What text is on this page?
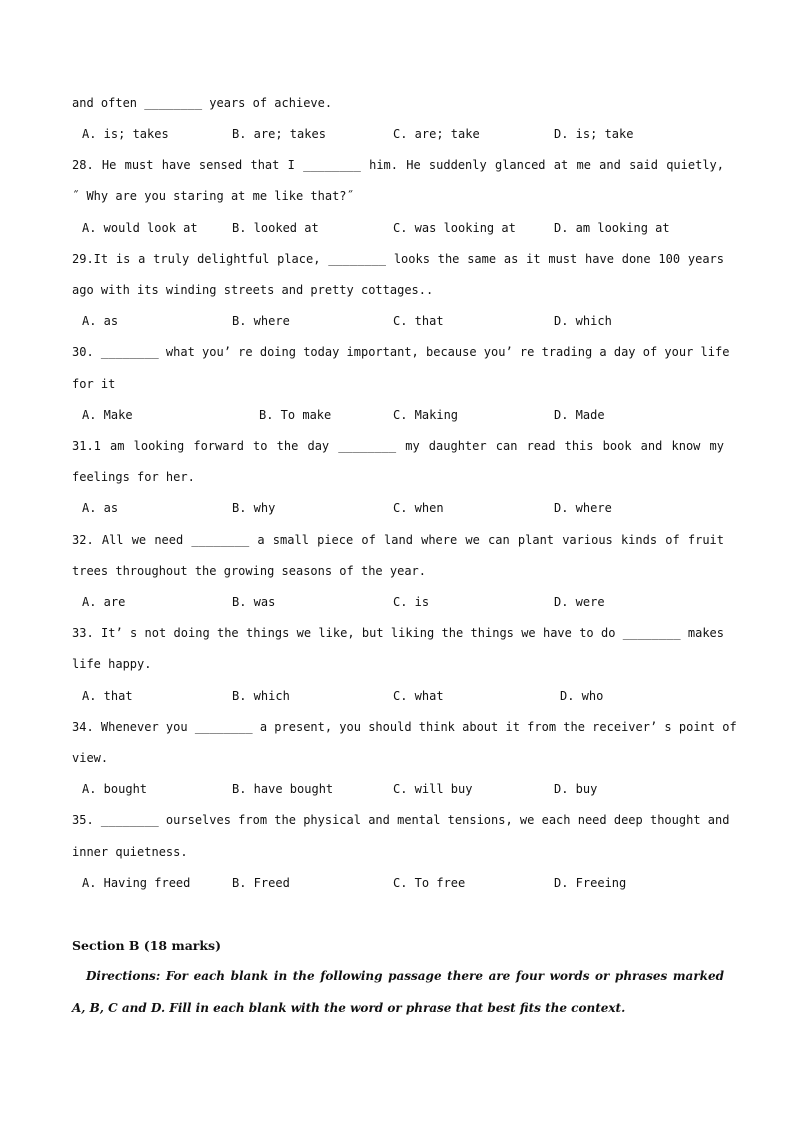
and often ________ years of achieve.
A. is; takes	B. are; takes	C. are; take	D. is; take
28. He must have sensed that I ________ him. He suddenly glanced at me and said quietly,
˝ Why are you staring at me like that?˝
A. would look at	B. looked at	C. was looking at	D. am looking at
29.It is a truly delightful place, ________ looks the same as it must have done 100 years
ago with its winding streets and pretty cottages..
A. as	B. where	C. that	D. which
30. ________ what you’ re doing today important, because you’ re trading a day of your life
for it
A. Make	B. To make	C. Making	D. Made
31.1 am looking forward to the day ________ my daughter can read this book and know my
feelings for her.
A. as	B. why	C. when	D. where
32. All we need ________ a small piece of land where we can plant various kinds of fruit
trees throughout the growing seasons of the year.
A. are	B. was	C. is	D. were
33. It’ s not doing the things we like, but liking the things we have to do ________ makes
life happy.
A. that	B. which	C. what	D. who
34. Whenever you ________ a present, you should think about it from the receiver’ s point of
view.
A. bought	B. have bought	C. will buy	D. buy
35. ________ ourselves from the physical and mental tensions, we each need deep thought and
inner quietness.
A. Having freed	B. Freed	C. To free	D. Freeing
Section B (18 marks)
Directions: For each blank in the following passage there are four words or phrases marked
A, B, C and D. Fill in each blank with the word or phrase that best fits the context.
